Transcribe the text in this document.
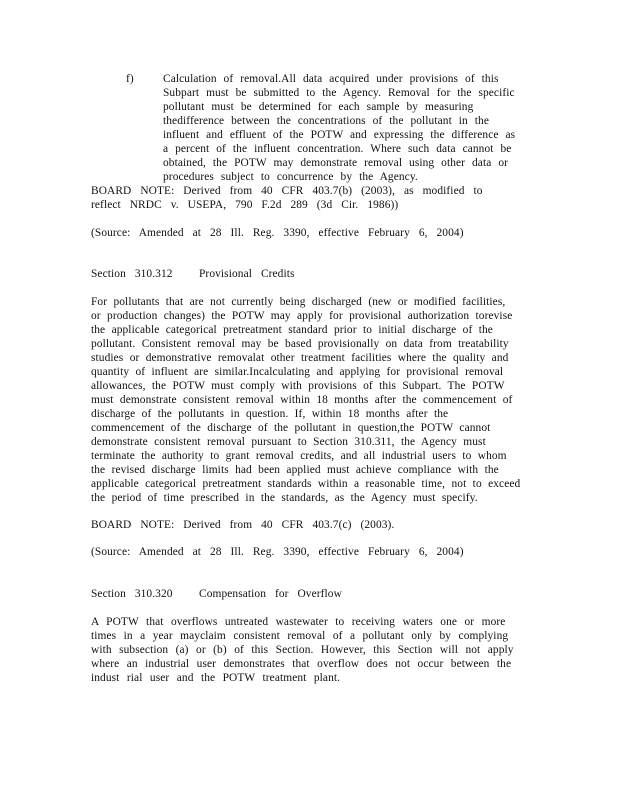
f)	Calculation of removal.All data acquired under provisions of this Subpart must be submitted to the Agency. Removal for the specific pollutant must be determined for each sample by measuring thedifference between the concentrations of the pollutant in the influent and effluent of the POTW and expressing the difference as a percent of the influent concentration. Where such data cannot be obtained, the POTW may demonstrate removal using other data or procedures subject to concurrence by the Agency.
BOARD NOTE: Derived from 40 CFR 403.7(b) (2003), as modified to reflect NRDC v. USEPA, 790 F.2d 289 (3d Cir. 1986))
(Source: Amended at 28 Ill. Reg. 3390, effective February 6, 2004)
Section 310.312 Provisional Credits
For pollutants that are not currently being discharged (new or modified facilities, or production changes) the POTW may apply for provisional authorization torevise the applicable categorical pretreatment standard prior to initial discharge of the pollutant. Consistent removal may be based provisionally on data from treatability studies or demonstrative removalat other treatment facilities where the quality and quantity of influent are similar.Incalculating and applying for provisional removal allowances, the POTW must comply with provisions of this Subpart. The POTW must demonstrate consistent removal within 18 months after the commencement of discharge of the pollutants in question. If, within 18 months after the commencement of the discharge of the pollutant in question,the POTW cannot demonstrate consistent removal pursuant to Section 310.311, the Agency must terminate the authority to grant removal credits, and all industrial users to whom the revised discharge limits had been applied must achieve compliance with the applicable categorical pretreatment standards within a reasonable time, not to exceed the period of time prescribed in the standards, as the Agency must specify.
BOARD NOTE: Derived from 40 CFR 403.7(c) (2003).
(Source: Amended at 28 Ill. Reg. 3390, effective February 6, 2004)
Section 310.320 Compensation for Overflow
A POTW that overflows untreated wastewater to receiving waters one or more times in a year mayclaim consistent removal of a pollutant only by complying with subsection (a) or (b) of this Section. However, this Section will not apply where an industrial user demonstrates that overflow does not occur between the indust rial user and the POTW treatment plant.
